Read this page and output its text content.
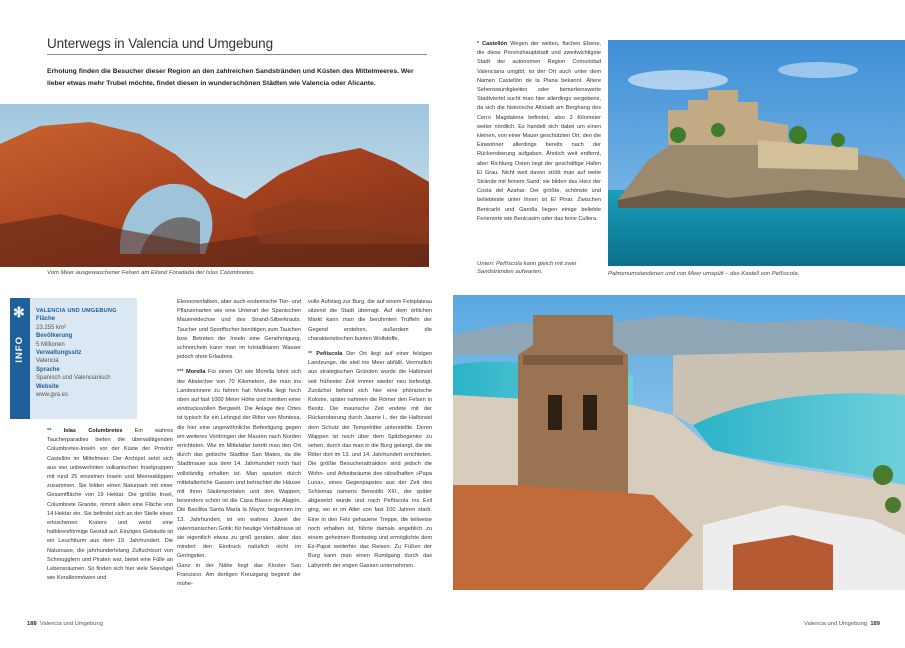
Unterwegs in Valencia und Umgebung
Erholung finden die Besucher dieser Region an den zahlreichen Sandstränden und Küsten des Mittelmeeres. Wer lieber etwas mehr Trubel möchte, findet diesen in wunderschönen Städten wie Valencia oder Alicante.
Vom Meer ausgewaschener Felsen am Eiland Foradada der Islas Columbretes.
✻
INFO
VALENCIA UND UMGEBUNG
Fläche
23.255 km²
Bevölkerung
5 Millionen
Verwaltungssitz
Valencia
Sprache
Spanisch und Valencianisch
Website
www.gva.es

** Islas Columbretes Ein wahres Taucherparadies bieten die überwältigenden Columbretes-Inseln vor der Küste der Provinz Castellón im Mittelmeer. Der Archipel setzt sich aus vier unbewohnten vulkanischen Inselgruppen mit rund 25 einzelnen Inseln und Meeresklippen zusammen. Sie bilden einen Naturpark mit einer Gesamtfläche von 19 Hektar. Die größte Insel, Columbrete Grande, nimmt allein eine Fläche von 14 Hektar ein. Sie befindet sich an der Stelle eines erloschenen Kraters und weist eine halbkreisförmige Gestalt auf. Einziges Gebäude ist ein Leuchtturm aus dem 19. Jahrhundert. Die Naturoase, die jahrhundertelang Zufluchtsort von Schmugglern und Piraten war, bietet eine Fülle an Lebensräumen. So finden sich hier viele Seevögel wie Korallenmöwen und

Eleonorenfalken, aber auch endemische Tier- und Pflanzenarten wie eine Unterart der Spanischen Mauereidechse und des Strand-Silberkrauts. Taucher und Sportfischer benötigen zum Tauchen bzw. Betreten der Inseln eine Genehmigung, schnorcheln kann man im kristallklaren Wasser jedoch ohne Erlaubnis.

*** Morella Für einen Ort wie Morella lohnt sich der Abstecher von 70 Kilometern, die man ins Landesinnere zu fahren hat: Morella liegt hoch oben auf fast 1000 Meter Höhe und inmitten einer eindrucksvollen Bergwelt. Die Anlage des Ortes ist typisch für ein Lehngut der Ritter von Montesa, die hier eine ungewöhnliche Befestigung gegen ein weiteres Vordringen der Mauren nach Norden errichteten. Wie im Mittelalter betritt man den Ort durch das gotische Stadttor San Mateo, da die Stadtmauer aus dem 14. Jahrhundert noch fast vollständig erhalten ist. Man spaziert durch mittelalterliche Gassen und betrachtet die Häuser mit ihren Säulenportalen und den Wappen; besonders schön ist die Casa Blasco de Alagón. Die Basílika Santa María la Mayor, begonnen im 13. Jahrhundert, ist ein wahres Juwel der valencianischen Gotik; für heutige Verhältnisse ist sie eigentlich etwas zu groß geraten, aber das mindert den Eindruck natürlich nicht im Geringsten.

Ganz in der Nähe liegt das Kloster San Francisco. Am dortigen Kreuzgang beginnt der mühe-

volle Aufstieg zur Burg, die auf einem Felsplateau sitzend die Stadt überragt. Auf dem örtlichen Markt kann man die berühmten Trüffeln der Gegend erstehen, außerdem die charakteristischen bunten Wollstoffe.

** Peñíscola Der Ort liegt auf einer felsigen Landzunge, die steil ins Meer abfällt. Vermutlich aus strategischen Gründen wurde die Halbinsel seit frühester Zeit immer wieder neu befestigt. Zunächst befand sich hier eine phönizische Kolonie, später nahmen die Römer den Felsen in Besitz. Die maurische Zeit endete mit der Rückeroberung durch Jaume I., der die Halbinsel dem Schutz der Tempelritter unterstellte. Deren Wappen ist noch über dem Spitzbogentor zu sehen, durch das man in die Burg gelangt, die die Ritter dort im 13. und 14. Jahrhundert errichteten. Die größte Besucherattraktion sind jedoch die Wohn- und Arbeitsräume des rätselhaften »Papa Luna«, eines Gegenpapstes aus der Zeit des Schismas namens Benedikt XIII., der später abgesetzt wurde und nach Peñíscola ins Exil ging, wo er im Alter von fast 100 Jahren starb. Eine in den Fels gehauene Treppe, die teilweise noch erhalten ist, führte damals angeblich zu einem geheimen Bootssteg und ermöglichte dem Ex-Papst weiterhin das Reisen. Zu Füßen der Burg kann man einen Rundgang durch das Labyrinth der engen Gassen unternehmen.

188 Valencia und Umgebung

* Castellón Wegen der weiten, flachen Ebene, die diese Provinzhauptstadt und zweitwichtigste Stadt der autonomen Region Comunidad Valenciana umgibt, ist der Ort auch unter dem Namen Castellón de la Plana bekannt. Ältere Sehenswürdigkeiten oder bemerkenswerte Stadtviertel sucht man hier allerdings vergebens, da sich die historische Altstadt am Berghang des Cerro Magdalena befindet, also 3 Kilometer weiter nördlich. Es handelt sich dabei um einen kleinen, von einer Mauer geschützten Ort, den die Einwohner allerdings bereits nach der Rückeroberung aufgaben. Ähnlich weit entfernt, aber Richtung Osten liegt der geschäftige Hafen El Grau. Nicht weit davon stößt man auf weite Strände mit feinem Sand; sie bilden das Herz der Costa del Azahar. Der größte, schönste und beliebteste unter ihnen ist El Pinar. Zwischen Benicarló und Gandía liegen einige beliebte Ferienorte wie Benicasim oder das feine Cullera.

Unten: Peñíscola kann gleich mit zwei Sandstränden aufwarten.	Palmenumstandenen und von Meer umspült – das Kastell von Peñíscola.
Valencia und Umgebung 189
